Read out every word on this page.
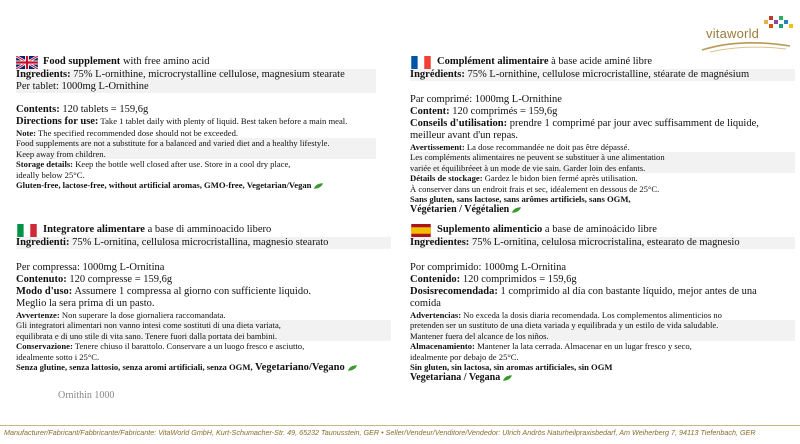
vitaworld
Food supplement with free amino acid
Ingredients: 75% L-ornithine, microcrystalline cellulose, magnesium stearate
Per tablet: 1000mg L-Ornithine
Contents: 120 tablets = 159,6g
Directions for use: Take 1 tablet daily with plenty of liquid. Best taken before a main meal.
Note: The specified recommended dose should not be exceeded.
Food supplements are not a substitute for a balanced and varied diet and a healthy lifestyle.
Keep away from children.
Storage details: Keep the bottle well closed after use. Store in a cool dry place,
ideally below 25°C.
Gluten-free, lactose-free, without artificial aromas, GMO-free, Vegetarian/Vegan
Complément alimentaire à base acide aminé libre
Ingrédients: 75% L-ornithine, cellulose microcristalline, stéarate de magnésium
Par comprimé: 1000mg L-Ornithine
Content: 120 comprimés = 159,6g
Conseils d'utilisation: prendre 1 comprimé par jour avec suffisamment de liquide,
meilleur avant d'un repas.
Avertissement: La dose recommandée ne doit pas être dépassé.
Les compléments alimentaires ne peuvent se substituer à une alimentation
variée et équilibréeet à un mode de vie sain. Garder loin des enfants.
Détails de stockage: Gardez le bidon bien fermé après utilisation.
À conserver dans un endroit frais et sec, idéalement en dessous de 25°C.
Sans gluten, sans lactose, sans arômes artificiels, sans OGM,
Végétarien / Végétalien
Integratore alimentare a base di amminoacido libero
Ingredienti: 75% L-ornitina, cellulosa microcristallina, magnesio stearato
Per compressa: 1000mg L-Ornitina
Contenuto: 120 compresse = 159,6g
Modo d'uso: Assumere 1 compressa al giorno con sufficiente liquido.
Meglio la sera prima di un pasto.
Avvertenze: Non superare la dose giornaliera raccomandata.
Gli integratori alimentari non vanno intesi come sostituti di una dieta variata,
equilibrata e di uno stile di vita sano. Tenere fuori dalla portata dei bambini.
Conservazione: Tenere chiuso il barattolo. Conservare a un luogo fresco e asciutto,
idealmente sotto i 25°C.
Senza glutine, senza lattosio, senza aromi artificiali, senza OGM, Vegetariano/Vegano
Suplemento alimenticio a base de aminoácido libre
Ingredientes: 75% L-ornitina, celulosa microcristalina, estearato de magnesio
Por comprimido: 1000mg L-Ornitina
Contenido: 120 comprimidos = 159,6g
Dosisrecomendada: 1 comprimido al día con bastante líquido, mejor antes de una
comida
Advertencias: No exceda la dosis diaria recomendada. Los complementos alimenticios no
pretenden ser un sustituto de una dieta variada y equilibrada y un estilo de vida saludable.
Mantener fuera del alcance de los niños.
Almacenamiento: Mantener la lata cerrada. Almacenar en un lugar fresco y seco,
idealmente por debajo de 25°C.
Sin gluten, sin lactosa, sin aromas artificiales, sin OGM
Vegetariana / Vegana
Ornithin 1000
Manufacturer/Fabricant/Fabbricante/Fabricante: VitaWorld GmbH, Kurt-Schumacher-Str. 49, 65232 Taunusstein, GER • Seller/Vendeur/Venditore/Vendedor: Ulrich Andrös Naturheilpraxisbedarf, Am Weiherberg 7, 94113 Tiefenbach, GER
